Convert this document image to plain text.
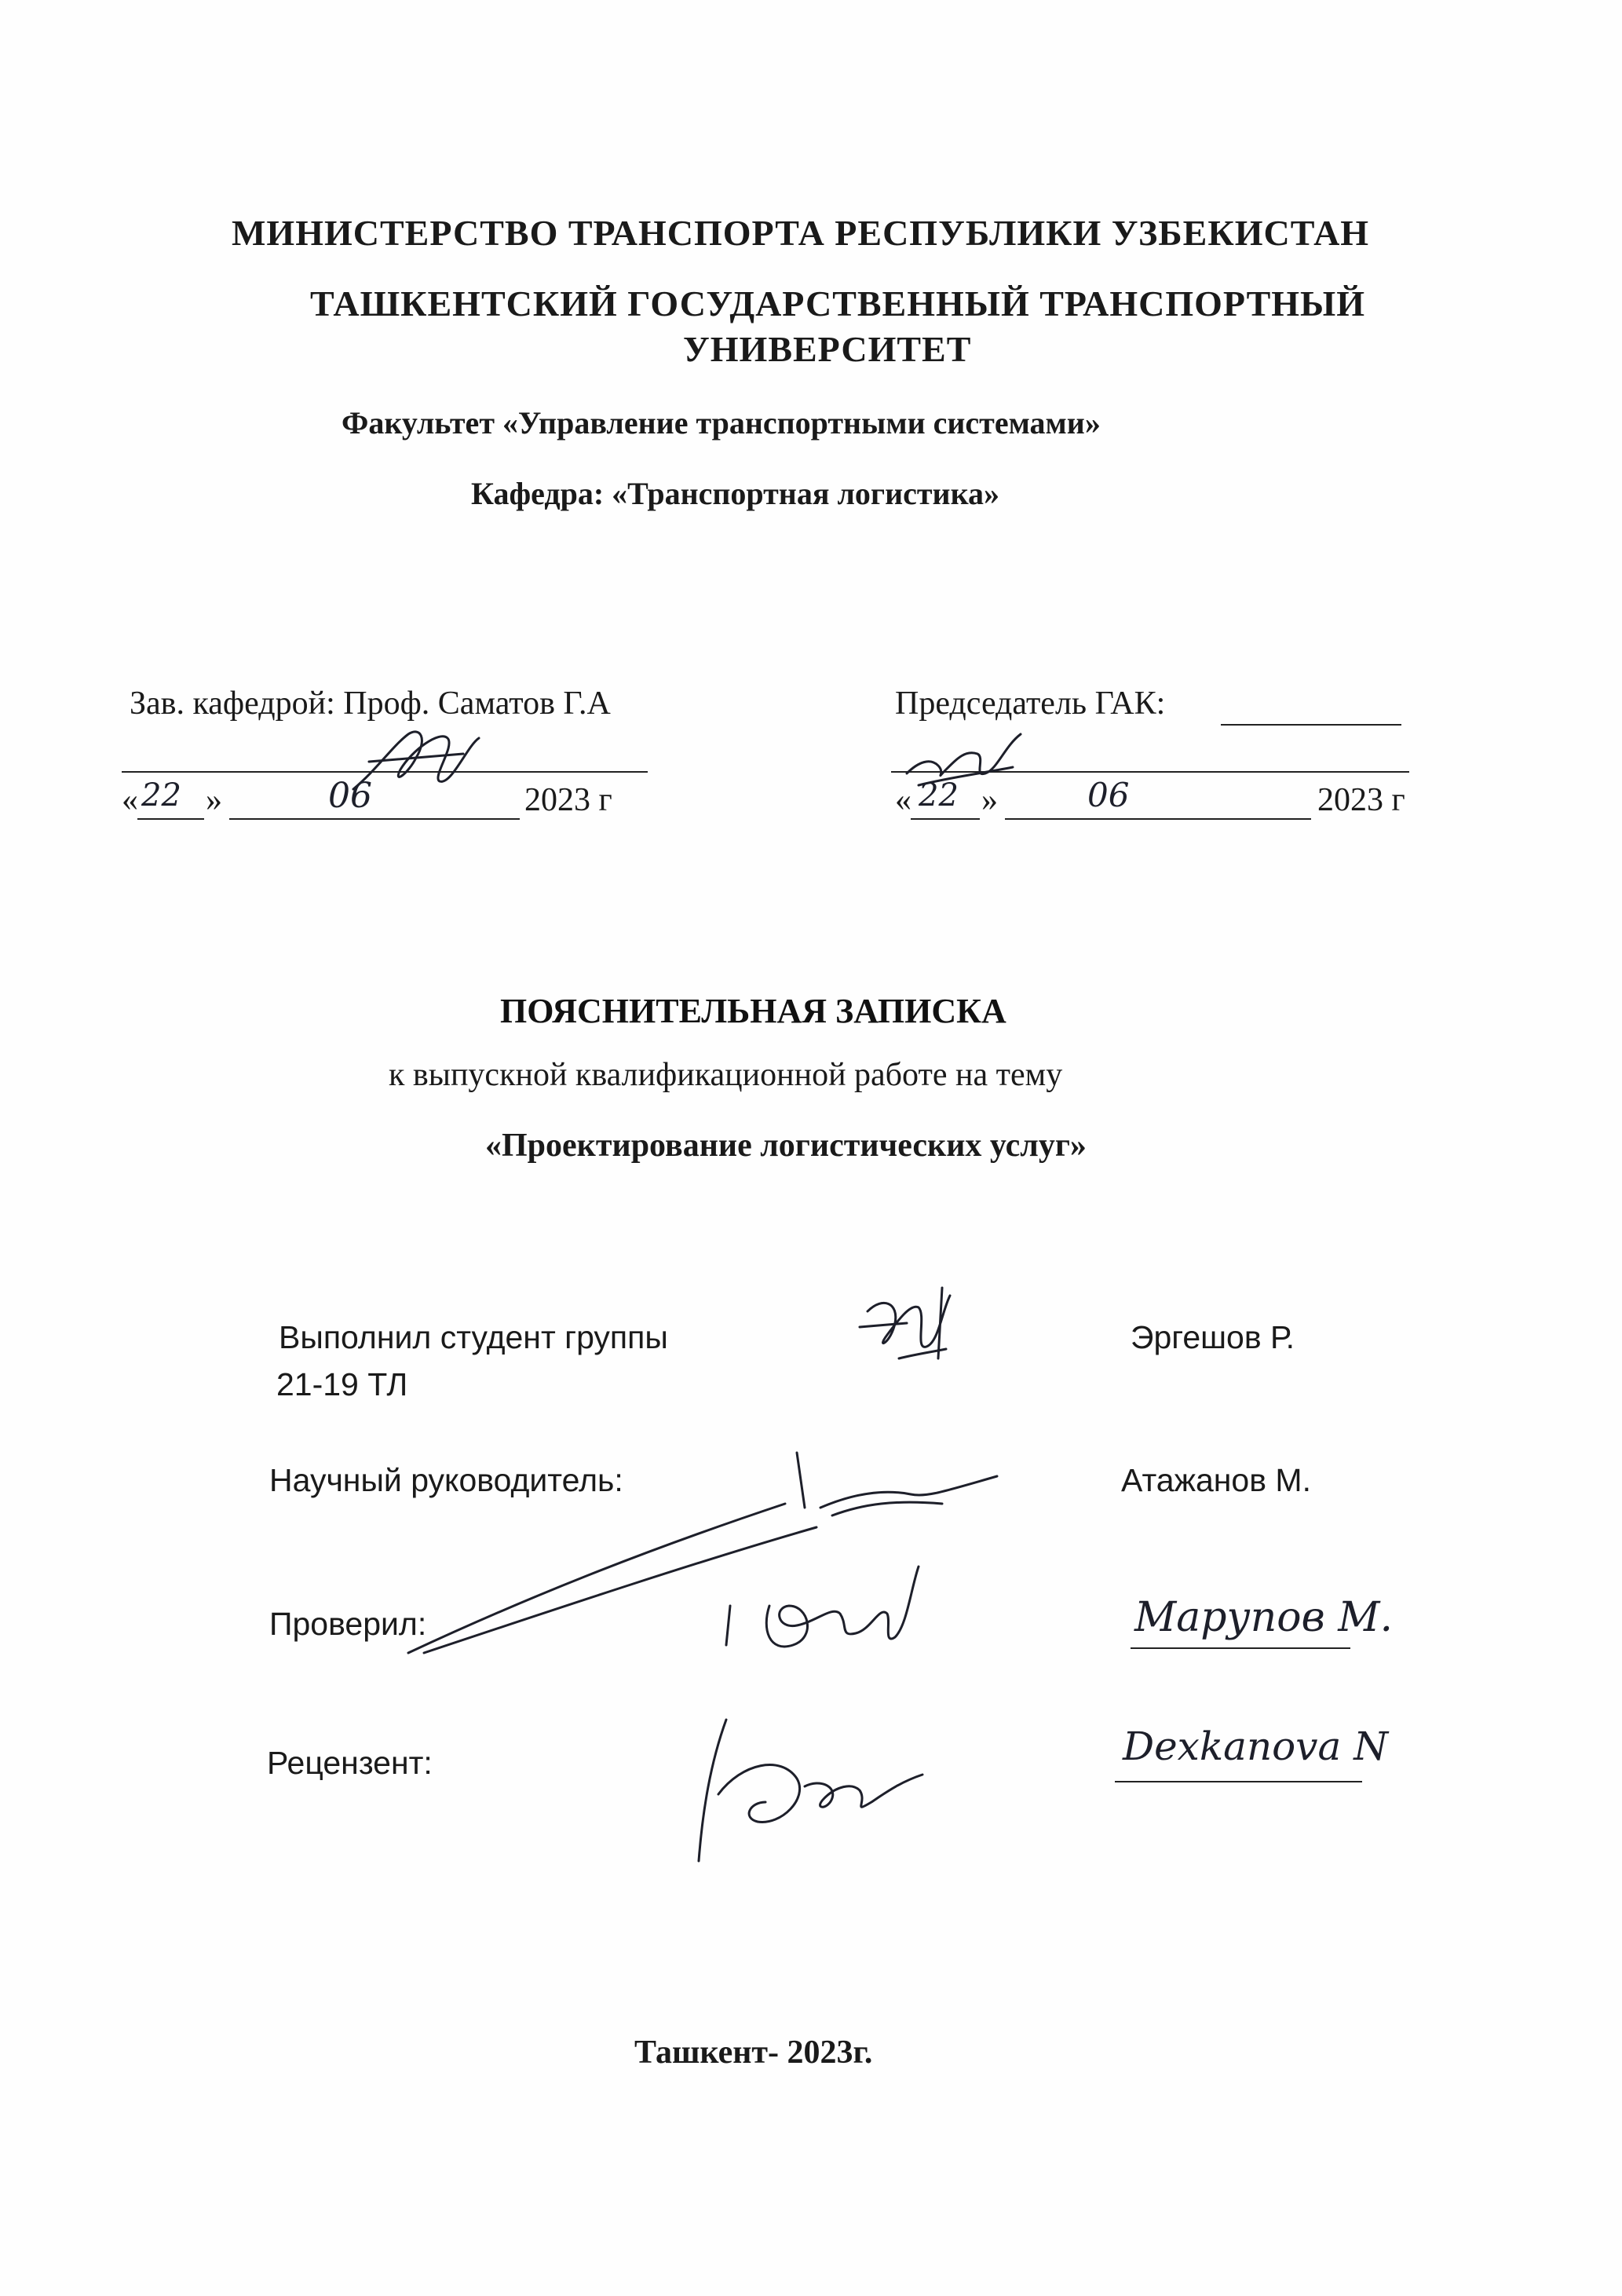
МИНИСТЕРСТВО ТРАНСПОРТА РЕСПУБЛИКИ УЗБЕКИСТАН
ТАШКЕНТСКИЙ ГОСУДАРСТВЕННЫЙ ТРАНСПОРТНЫЙ
УНИВЕРСИТЕТ
Факультет «Управление транспортными системами»
Кафедра: «Транспортная логистика»
Зав. кафедрой: Проф. Саматов Г.А
« 22 »	06	2023 г
Председатель ГАК:
« 22 »	06	2023 г
ПОЯСНИТЕЛЬНАЯ ЗАПИСКА
к выпускной квалификационной работе на тему
«Проектирование логистических услуг»
Выполнил студент группы
21-19 ТЛ
Эргешов Р.
Научный руководитель:	Атажанов М.
Проверил:	Марупов М.
Рецензент:	Dexkanova N
Ташкент- 2023г.
